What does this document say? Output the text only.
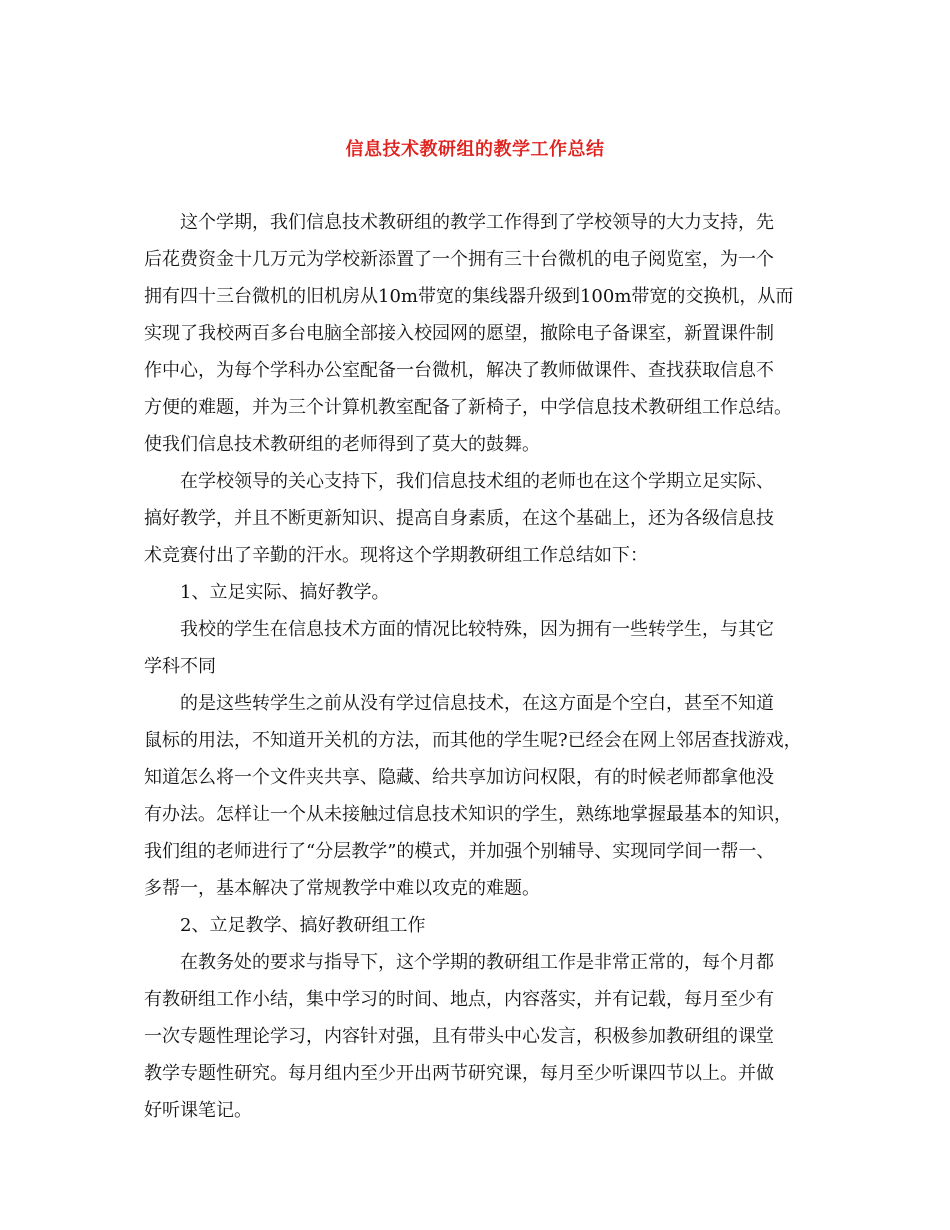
信息技术教研组的教学工作总结
这个学期，我们信息技术教研组的教学工作得到了学校领导的大力支持，先
后花费资金十几万元为学校新添置了一个拥有三十台微机的电子阅览室，为一个
拥有四十三台微机的旧机房从10m带宽的集线器升级到100m带宽的交换机，从而
实现了我校两百多台电脑全部接入校园网的愿望，撤除电子备课室，新置课件制
作中心，为每个学科办公室配备一台微机，解决了教师做课件、查找获取信息不
方便的难题，并为三个计算机教室配备了新椅子，中学信息技术教研组工作总结。
使我们信息技术教研组的老师得到了莫大的鼓舞。
在学校领导的关心支持下，我们信息技术组的老师也在这个学期立足实际、
搞好教学，并且不断更新知识、提高自身素质，在这个基础上，还为各级信息技
术竞赛付出了辛勤的汗水。现将这个学期教研组工作总结如下：
1、立足实际、搞好教学。
我校的学生在信息技术方面的情况比较特殊，因为拥有一些转学生，与其它
学科不同
的是这些转学生之前从没有学过信息技术，在这方面是个空白，甚至不知道
鼠标的用法，不知道开关机的方法，而其他的学生呢?已经会在网上邻居查找游戏，
知道怎么将一个文件夹共享、隐藏、给共享加访问权限，有的时候老师都拿他没
有办法。怎样让一个从未接触过信息技术知识的学生，熟练地掌握最基本的知识，
我们组的老师进行了“分层教学”的模式，并加强个别辅导、实现同学间一帮一、
多帮一，基本解决了常规教学中难以攻克的难题。
2、立足教学、搞好教研组工作
在教务处的要求与指导下，这个学期的教研组工作是非常正常的，每个月都
有教研组工作小结，集中学习的时间、地点，内容落实，并有记载，每月至少有
一次专题性理论学习，内容针对强，且有带头中心发言，积极参加教研组的课堂
教学专题性研究。每月组内至少开出两节研究课，每月至少听课四节以上。并做
好听课笔记。
